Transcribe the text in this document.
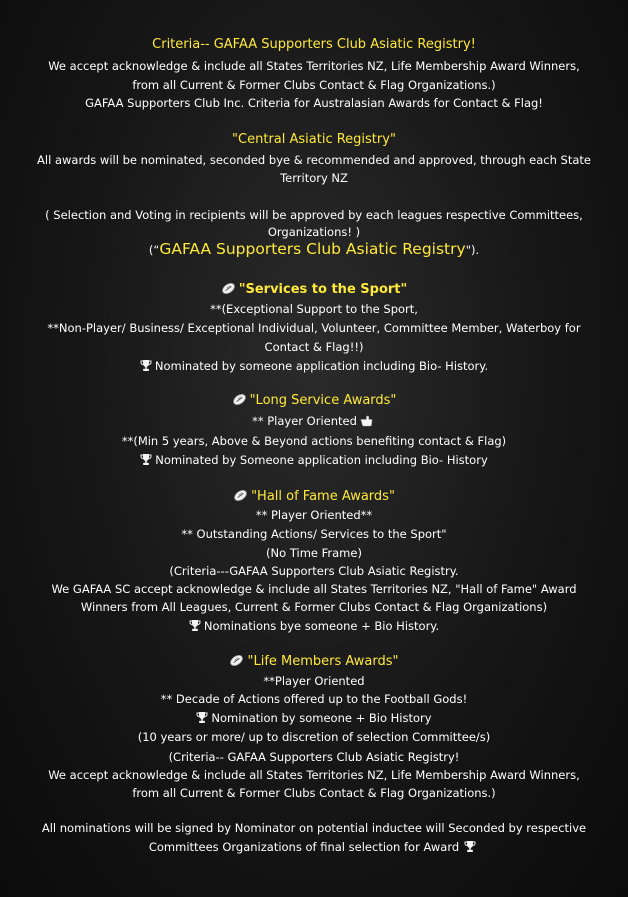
Criteria-- GAFAA Supporters Club Asiatic Registry!
We accept acknowledge & include all States Territories NZ, Life Membership Award Winners,
from all Current & Former Clubs Contact & Flag Organizations.)
GAFAA Supporters Club Inc. Criteria for Australasian Awards for Contact & Flag!
"Central Asiatic Registry"
All awards will be nominated, seconded bye & recommended and approved, through each State
Territory NZ
( Selection and Voting in recipients will be approved by each leagues respective Committees,
Organizations! )
(“GAFAA Supporters Club Asiatic Registry").
"Services to the Sport"
**(Exceptional Support to the Sport,
**Non-Player/ Business/ Exceptional Individual, Volunteer, Committee Member, Waterboy for
Contact & Flag!!)
Nominated by someone application including Bio- History.
"Long Service Awards"
** Player Oriented
**(Min 5 years, Above & Beyond actions benefiting contact & Flag)
Nominated by Someone application including Bio- History
"Hall of Fame Awards"
** Player Oriented**
** Outstanding Actions/ Services to the Sport"
(No Time Frame)
(Criteria---GAFAA Supporters Club Asiatic Registry.
We GAFAA SC accept acknowledge & include all States Territories NZ, "Hall of Fame" Award
Winners from All Leagues, Current & Former Clubs Contact & Flag Organizations)
Nominations bye someone + Bio History.
"Life Members Awards"
**Player Oriented
** Decade of Actions offered up to the Football Gods!
Nomination by someone + Bio History
(10 years or more/ up to discretion of selection Committee/s)
(Criteria-- GAFAA Supporters Club Asiatic Registry!
We accept acknowledge & include all States Territories NZ, Life Membership Award Winners,
from all Current & Former Clubs Contact & Flag Organizations.)
All nominations will be signed by Nominator on potential inductee will Seconded by respective
Committees Organizations of final selection for Award
